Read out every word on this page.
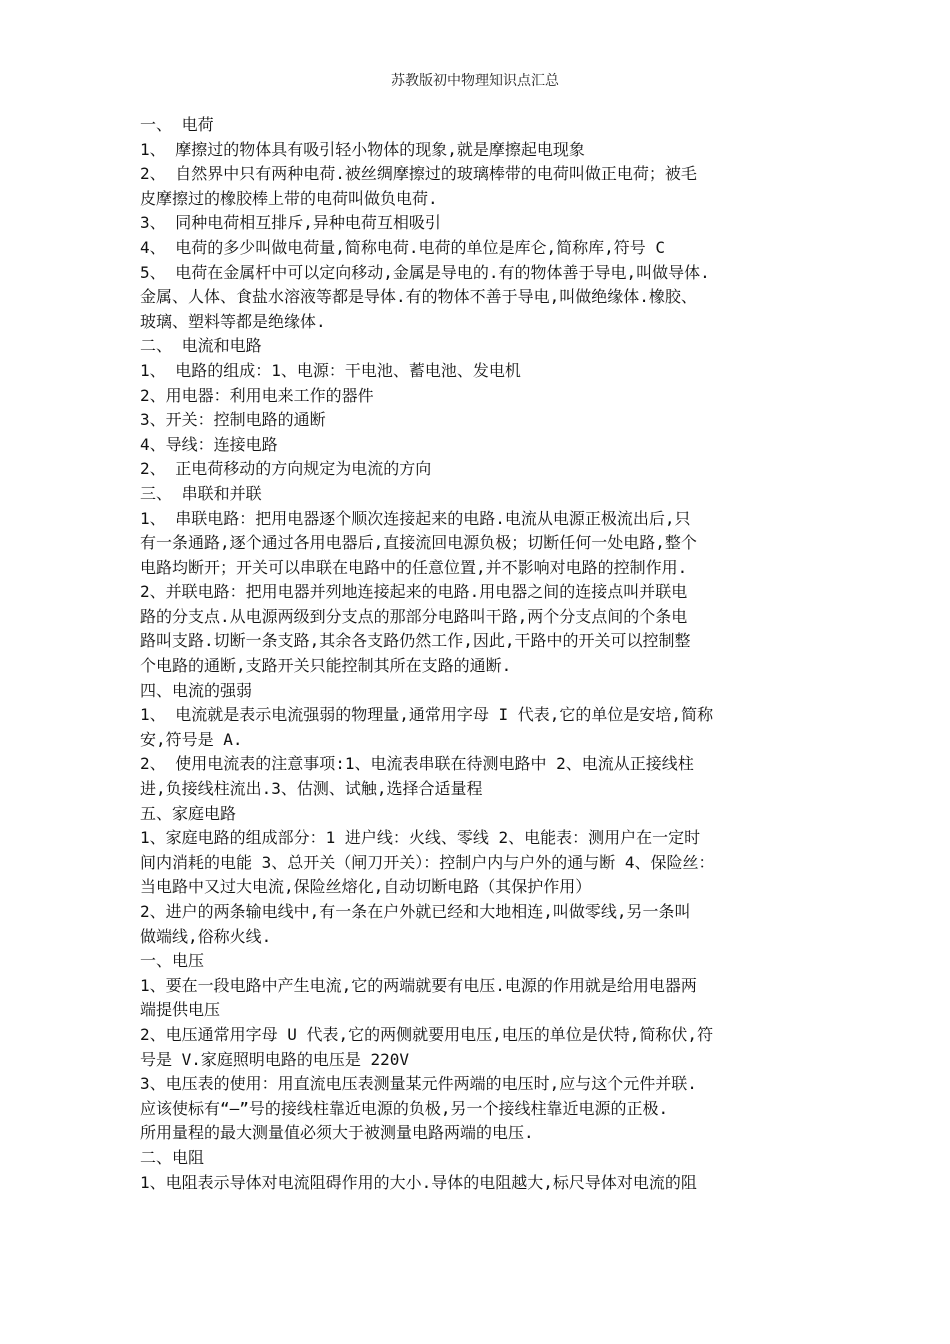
苏教版初中物理知识点汇总

一、 电荷

1、 摩擦过的物体具有吸引轻小物体的现象,就是摩擦起电现象

2、 自然界中只有两种电荷.被丝绸摩擦过的玻璃棒带的电荷叫做正电荷；被毛

皮摩擦过的橡胶棒上带的电荷叫做负电荷.

3、 同种电荷相互排斥,异种电荷互相吸引

4、 电荷的多少叫做电荷量,简称电荷.电荷的单位是库仑,简称库,符号 C

5、 电荷在金属杆中可以定向移动,金属是导电的.有的物体善于导电,叫做导体.

金属、人体、食盐水溶液等都是导体.有的物体不善于导电,叫做绝缘体.橡胶、

玻璃、塑料等都是绝缘体.

二、 电流和电路

1、 电路的组成：1、电源：干电池、蓄电池、发电机

2、用电器：利用电来工作的器件

3、开关：控制电路的通断

4、导线：连接电路

2、 正电荷移动的方向规定为电流的方向

三、 串联和并联

1、 串联电路：把用电器逐个顺次连接起来的电路.电流从电源正极流出后,只

有一条通路,逐个通过各用电器后,直接流回电源负极；切断任何一处电路,整个

电路均断开；开关可以串联在电路中的任意位置,并不影响对电路的控制作用.

2、并联电路：把用电器并列地连接起来的电路.用电器之间的连接点叫并联电

路的分支点.从电源两级到分支点的那部分电路叫干路,两个分支点间的个条电

路叫支路.切断一条支路,其余各支路仍然工作,因此,干路中的开关可以控制整

个电路的通断,支路开关只能控制其所在支路的通断.

四、电流的强弱

1、 电流就是表示电流强弱的物理量,通常用字母 I 代表,它的单位是安培,简称

安,符号是 A.

2、 使用电流表的注意事项:1、电流表串联在待测电路中 2、电流从正接线柱

进,负接线柱流出.3、估测、试触,选择合适量程

五、家庭电路

1、家庭电路的组成部分：1 进户线：火线、零线 2、电能表：测用户在一定时

间内消耗的电能 3、总开关（闸刀开关）：控制户内与户外的通与断 4、保险丝：

当电路中又过大电流,保险丝熔化,自动切断电路（其保护作用）

2、进户的两条输电线中,有一条在户外就已经和大地相连,叫做零线,另一条叫

做端线,俗称火线.

一、电压

1、要在一段电路中产生电流,它的两端就要有电压.电源的作用就是给用电器两

端提供电压

2、电压通常用字母 U 代表,它的两侧就要用电压,电压的单位是伏特,简称伏,符

号是 V.家庭照明电路的电压是 220V

3、电压表的使用：用直流电压表测量某元件两端的电压时,应与这个元件并联.

应该使标有“—”号的接线柱靠近电源的负极,另一个接线柱靠近电源的正极.

所用量程的最大测量值必须大于被测量电路两端的电压.

二、电阻

1、电阻表示导体对电流阻碍作用的大小.导体的电阻越大,标尺导体对电流的阻
